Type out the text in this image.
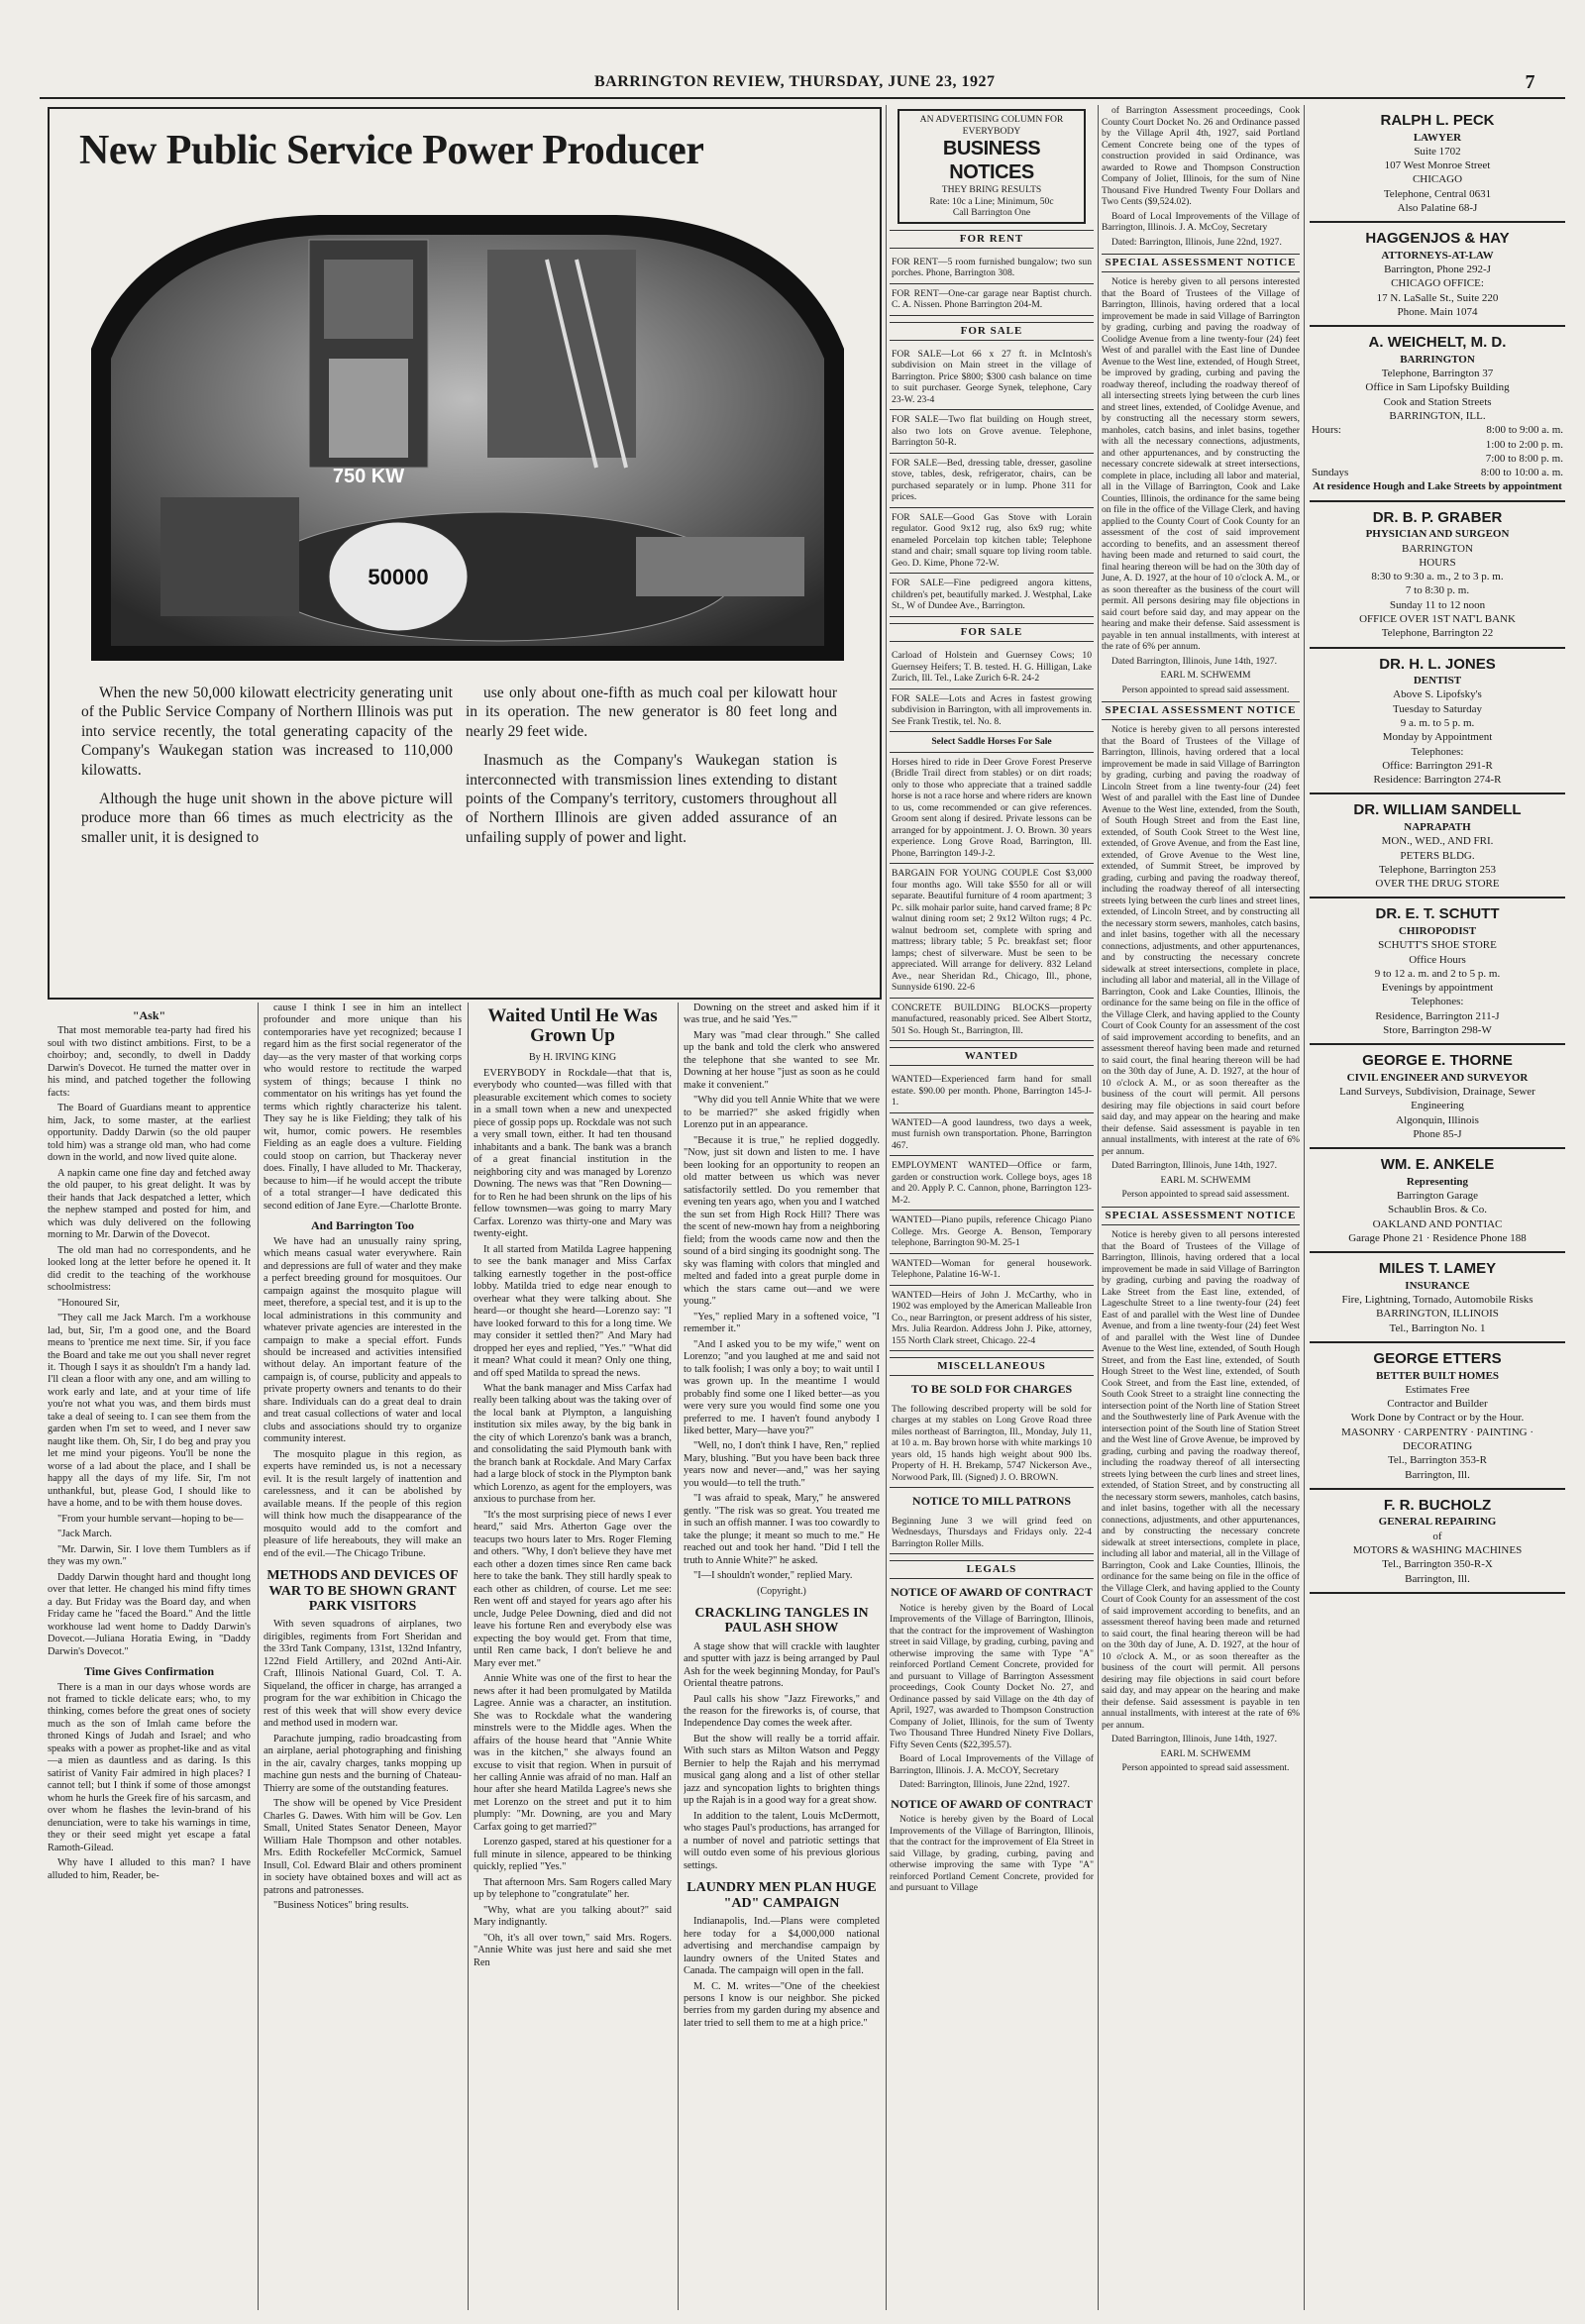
BARRINGTON REVIEW, THURSDAY, JUNE 23, 1927	7
New Public Service Power Producer
750 KW
50000

When the new 50,000 kilowatt electricity generating unit of the Public Service Company of Northern Illinois was put into service recently, the total generating capacity of the Company's Waukegan station was increased to 110,000 kilowatts.

Although the huge unit shown in the above picture will produce more than 66 times as much electricity as the smaller unit, it is designed to

use only about one-fifth as much coal per kilowatt hour in its operation. The new generator is 80 feet long and nearly 29 feet wide.

Inasmuch as the Company's Waukegan station is interconnected with transmission lines extending to distant points of the Company's territory, customers throughout all of Northern Illinois are given added assurance of an unfailing supply of power and light.

"Ask"

That most memorable tea-party had fired his soul with two distinct ambitions. First, to be a choirboy; and, secondly, to dwell in Daddy Darwin's Dovecot. He turned the matter over in his mind, and patched together the following facts:

The Board of Guardians meant to apprentice him, Jack, to some master, at the earliest opportunity. Daddy Darwin (so the old pauper told him) was a strange old man, who had come down in the world, and now lived quite alone.

A napkin came one fine day and fetched away the old pauper, to his great delight. It was by their hands that Jack despatched a letter, which the nephew stamped and posted for him, and which was duly delivered on the following morning to Mr. Darwin of the Dovecot.

The old man had no correspondents, and he looked long at the letter before he opened it. It did credit to the teaching of the workhouse schoolmistress:

"Honoured Sir,

"They call me Jack March. I'm a workhouse lad, but, Sir, I'm a good one, and the Board means to 'prentice me next time. Sir, if you face the Board and take me out you shall never regret it. Though I says it as shouldn't I'm a handy lad. I'll clean a floor with any one, and am willing to work early and late, and at your time of life you're not what you was, and them birds must take a deal of seeing to. I can see them from the garden when I'm set to weed, and I never saw naught like them. Oh, Sir, I do beg and pray you let me mind your pigeons. You'll be none the worse of a lad about the place, and I shall be happy all the days of my life. Sir, I'm not unthankful, but, please God, I should like to have a home, and to be with them house doves.

"From your humble servant—hoping to be—

"Jack March.

"Mr. Darwin, Sir. I love them Tumblers as if they was my own."

Daddy Darwin thought hard and thought long over that letter. He changed his mind fifty times a day. But Friday was the Board day, and when Friday came he "faced the Board." And the little workhouse lad went home to Daddy Darwin's Dovecot.—Juliana Horatia Ewing, in "Daddy Darwin's Dovecot."

Time Gives Confirmation

There is a man in our days whose words are not framed to tickle delicate ears; who, to my thinking, comes before the great ones of society much as the son of Imlah came before the throned Kings of Judah and Israel; and who speaks with a power as prophet-like and as vital—a mien as dauntless and as daring. Is this satirist of Vanity Fair admired in high places? I cannot tell; but I think if some of those amongst whom he hurls the Greek fire of his sarcasm, and over whom he flashes the levin-brand of his denunciation, were to take his warnings in time, they or their seed might yet escape a fatal Ramoth-Gilead.

Why have I alluded to this man? I have alluded to him, Reader, be-

cause I think I see in him an intellect profounder and more unique than his contemporaries have yet recognized; because I regard him as the first social regenerator of the day—as the very master of that working corps who would restore to rectitude the warped system of things; because I think no commentator on his writings has yet found the terms which rightly characterize his talent. They say he is like Fielding; they talk of his wit, humor, comic powers. He resembles Fielding as an eagle does a vulture. Fielding could stoop on carrion, but Thackeray never does. Finally, I have alluded to Mr. Thackeray, because to him—if he would accept the tribute of a total stranger—I have dedicated this second edition of Jane Eyre.—Charlotte Bronte.

And Barrington Too

We have had an unusually rainy spring, which means casual water everywhere. Rain and depressions are full of water and they make a perfect breeding ground for mosquitoes. Our campaign against the mosquito plague will meet, therefore, a special test, and it is up to the local administrations in this community and whatever private agencies are interested in the campaign to make a special effort. Funds should be increased and activities intensified without delay. An important feature of the campaign is, of course, publicity and appeals to private property owners and tenants to do their share. Individuals can do a great deal to drain and treat casual collections of water and local clubs and associations should try to organize community interest.

The mosquito plague in this region, as experts have reminded us, is not a necessary evil. It is the result largely of inattention and carelessness, and it can be abolished by available means. If the people of this region will think how much the disappearance of the mosquito would add to the comfort and pleasure of life hereabouts, they will make an end of the evil.—The Chicago Tribune.

METHODS AND DEVICES OF WAR TO BE SHOWN GRANT PARK VISITORS

With seven squadrons of airplanes, two dirigibles, regiments from Fort Sheridan and the 33rd Tank Company, 131st, 132nd Infantry, 122nd Field Artillery, and 202nd Anti-Air. Craft, Illinois National Guard, Col. T. A. Siqueland, the officer in charge, has arranged a program for the war exhibition in Chicago the rest of this week that will show every device and method used in modern war.

Parachute jumping, radio broadcasting from an airplane, aerial photographing and finishing in the air, cavalry charges, tanks mopping up machine gun nests and the burning of Chateau-Thierry are some of the outstanding features.

The show will be opened by Vice President Charles G. Dawes. With him will be Gov. Len Small, United States Senator Deneen, Mayor William Hale Thompson and other notables. Mrs. Edith Rockefeller McCormick, Samuel Insull, Col. Edward Blair and others prominent in society have obtained boxes and will act as patrons and patronesses.

"Business Notices" bring results.

Waited Until He Was Grown Up
By H. IRVING KING

EVERYBODY in Rockdale—that that is, everybody who counted—was filled with that pleasurable excitement which comes to society in a small town when a new and unexpected piece of gossip pops up. Rockdale was not such a very small town, either. It had ten thousand inhabitants and a bank. The bank was a branch of a great financial institution in the neighboring city and was managed by Lorenzo Downing. The news was that "Ren Downing—for to Ren he had been shrunk on the lips of his fellow townsmen—was going to marry Mary Carfax. Lorenzo was thirty-one and Mary was twenty-eight.

It all started from Matilda Lagree happening to see the bank manager and Miss Carfax talking earnestly together in the post-office lobby. Matilda tried to edge near enough to overhear what they were talking about. She heard—or thought she heard—Lorenzo say: "I have looked forward to this for a long time. We may consider it settled then?" And Mary had dropped her eyes and replied, "Yes." "What did it mean? What could it mean? Only one thing, and off sped Matilda to spread the news.

What the bank manager and Miss Carfax had really been talking about was the taking over of the local bank at Plympton, a languishing institution six miles away, by the big bank in the city of which Lorenzo's bank was a branch, and consolidating the said Plymouth bank with the branch bank at Rockdale. And Mary Carfax had a large block of stock in the Plympton bank which Lorenzo, as agent for the employers, was anxious to purchase from her.

"It's the most surprising piece of news I ever heard," said Mrs. Atherton Gage over the teacups two hours later to Mrs. Roger Fleming and others. "Why, I don't believe they have met each other a dozen times since Ren came back here to take the bank. They still hardly speak to each other as children, of course. Let me see: Ren went off and stayed for years ago after his uncle, Judge Pelee Downing, died and did not leave his fortune Ren and everybody else was expecting the boy would get. From that time, until Ren came back, I don't believe he and Mary ever met."

Annie White was one of the first to hear the news after it had been promulgated by Matilda Lagree. Annie was a character, an institution. She was to Rockdale what the wandering minstrels were to the Middle ages. When the affairs of the house heard that "Annie White was in the kitchen," she always found an excuse to visit that region. When in pursuit of her calling Annie was afraid of no man. Half an hour after she heard Matilda Lagree's news she met Lorenzo on the street and put it to him plumply: "Mr. Downing, are you and Mary Carfax going to get married?"

Lorenzo gasped, stared at his questioner for a full minute in silence, appeared to be thinking quickly, replied "Yes."

That afternoon Mrs. Sam Rogers called Mary up by telephone to "congratulate" her.

"Why, what are you talking about?" said Mary indignantly.

"Oh, it's all over town," said Mrs. Rogers. "Annie White was just here and said she met Ren

Downing on the street and asked him if it was true, and he said 'Yes.'"

Mary was "mad clear through." She called up the bank and told the clerk who answered the telephone that she wanted to see Mr. Downing at her house "just as soon as he could make it convenient."

"Why did you tell Annie White that we were to be married?" she asked frigidly when Lorenzo put in an appearance.

"Because it is true," he replied doggedly. "Now, just sit down and listen to me. I have been looking for an opportunity to reopen an old matter between us which was never satisfactorily settled. Do you remember that evening ten years ago, when you and I watched the sun set from High Rock Hill? There was the scent of new-mown hay from a neighboring field; from the woods came now and then the sound of a bird singing its goodnight song. The sky was flaming with colors that mingled and melted and faded into a great purple dome in which the stars came out—and we were young."

"Yes," replied Mary in a softened voice, "I remember it."

"And I asked you to be my wife," went on Lorenzo; "and you laughed at me and said not to talk foolish; I was only a boy; to wait until I was grown up. In the meantime I would probably find some one I liked better—as you were very sure you would find some one you preferred to me. I haven't found anybody I liked better, Mary—have you?"

"Well, no, I don't think I have, Ren," replied Mary, blushing. "But you have been back three years now and never—and," was her saying you would—to tell the truth."

"I was afraid to speak, Mary," he answered gently. "The risk was so great. You treated me in such an offish manner. I was too cowardly to take the plunge; it meant so much to me." He reached out and took her hand. "Did I tell the truth to Annie White?" he asked.

"I—I shouldn't wonder," replied Mary.

(Copyright.)
CRACKLING TANGLES IN PAUL ASH SHOW

A stage show that will crackle with laughter and sputter with jazz is being arranged by Paul Ash for the week beginning Monday, for Paul's Oriental theatre patrons.

Paul calls his show "Jazz Fireworks," and the reason for the fireworks is, of course, that Independence Day comes the week after.

But the show will really be a torrid affair. With such stars as Milton Watson and Peggy Bernier to help the Rajah and his merrymad musical gang along and a list of other stellar jazz and syncopation lights to brighten things up the Rajah is in a good way for a great show.

In addition to the talent, Louis McDermott, who stages Paul's productions, has arranged for a number of novel and patriotic settings that will outdo even some of his previous glorious settings.

LAUNDRY MEN PLAN HUGE "AD" CAMPAIGN

Indianapolis, Ind.—Plans were completed here today for a $4,000,000 national advertising and merchandise campaign by laundry owners of the United States and Canada. The campaign will open in the fall.

M. C. M. writes—"One of the cheekiest persons I know is our neighbor. She picked berries from my garden during my absence and later tried to sell them to me at a high price."

AN ADVERTISING COLUMN FOR EVERYBODY
BUSINESS NOTICES
THEY BRING RESULTS
Rate: 10c a Line; Minimum, 50c
Call Barrington One
FOR RENT
FOR RENT—5 room furnished bungalow; two sun porches. Phone, Barrington 308.
FOR RENT—One-car garage near Baptist church. C. A. Nissen. Phone Barrington 204-M.
FOR SALE
FOR SALE—Lot 66 x 27 ft. in McIntosh's subdivision on Main street in the village of Barrington. Price $800; $300 cash balance on time to suit purchaser. George Synek, telephone, Cary 23-W. 23-4
FOR SALE—Two flat building on Hough street, also two lots on Grove avenue. Telephone, Barrington 50-R.
FOR SALE—Bed, dressing table, dresser, gasoline stove, tables, desk, refrigerator, chairs, can be purchased separately or in lump. Phone 311 for prices.
FOR SALE—Good Gas Stove with Lorain regulator. Good 9x12 rug, also 6x9 rug; white enameled Porcelain top kitchen table; Telephone stand and chair; small square top living room table. Geo. D. Kime, Phone 72-W.
FOR SALE—Fine pedigreed angora kittens, children's pet, beautifully marked. J. Westphal, Lake St., W of Dundee Ave., Barrington.
FOR SALE
Carload of Holstein and Guernsey Cows; 10 Guernsey Heifers; T. B. tested. H. G. Hilligan, Lake Zurich, Ill. Tel., Lake Zurich 6-R. 24-2
FOR SALE—Lots and Acres in fastest growing subdivision in Barrington, with all improvements in. See Frank Trestik, tel. No. 8.
Select Saddle Horses For Sale
Horses hired to ride in Deer Grove Forest Preserve (Bridle Trail direct from stables) or on dirt roads; only to those who appreciate that a trained saddle horse is not a race horse and where riders are known to us, come recommended or can give references. Groom sent along if desired. Private lessons can be arranged for by appointment. J. O. Brown. 30 years experience. Long Grove Road, Barrington, Ill. Phone, Barrington 149-J-2.
BARGAIN FOR YOUNG COUPLE Cost $3,000 four months ago. Will take $550 for all or will separate. Beautiful furniture of 4 room apartment; 3 Pc. silk mohair parlor suite, hand carved frame; 8 Pc walnut dining room set; 2 9x12 Wilton rugs; 4 Pc. walnut bedroom set, complete with spring and mattress; library table; 5 Pc. breakfast set; floor lamps; chest of silverware. Must be seen to be appreciated. Will arrange for delivery. 832 Leland Ave., near Sheridan Rd., Chicago, Ill., phone, Sunnyside 6190. 22-6
CONCRETE BUILDING BLOCKS—property manufactured, reasonably priced. See Albert Stortz, 501 So. Hough St., Barrington, Ill.
WANTED
WANTED—Experienced farm hand for small estate. $90.00 per month. Phone, Barrington 145-J-1.
WANTED—A good laundress, two days a week, must furnish own transportation. Phone, Barrington 467.
EMPLOYMENT WANTED—Office or farm, garden or construction work. College boys, ages 18 and 20. Apply P. C. Cannon, phone, Barrington 123-M-2.
WANTED—Piano pupils, reference Chicago Piano College. Mrs. George A. Benson, Temporary telephone, Barrington 90-M. 25-1
WANTED—Woman for general housework. Telephone, Palatine 16-W-1.
WANTED—Heirs of John J. McCarthy, who in 1902 was employed by the American Malleable Iron Co., near Barrington, or present address of his sister, Mrs. Julia Reardon. Address John J. Pike, attorney, 155 North Clark street, Chicago. 22-4
MISCELLANEOUS
TO BE SOLD FOR CHARGES
The following described property will be sold for charges at my stables on Long Grove Road three miles northeast of Barrington, Ill., Monday, July 11, at 10 a. m. Bay brown horse with white markings 10 years old, 15 hands high weight about 900 lbs. Property of H. H. Brekamp, 5747 Nickerson Ave., Norwood Park, Ill. (Signed) J. O. BROWN.
NOTICE TO MILL PATRONS
Beginning June 3 we will grind feed on Wednesdays, Thursdays and Fridays only. 22-4 Barrington Roller Mills.
LEGALS
NOTICE OF AWARD OF CONTRACT

Notice is hereby given by the Board of Local Improvements of the Village of Barrington, Illinois, that the contract for the improvement of Washington street in said Village, by grading, curbing, paving and otherwise improving the same with Type "A" reinforced Portland Cement Concrete, provided for and pursuant to Village of Barrington Assessment proceedings, Cook County Docket No. 27, and Ordinance passed by said Village on the 4th day of April, 1927, was awarded to Thompson Construction Company of Joliet, Illinois, for the sum of Twenty Two Thousand Three Hundred Ninety Five Dollars, Fifty Seven Cents ($22,395.57).

Board of Local Improvements of the Village of Barrington, Illinois. J. A. McCOY, Secretary

Dated: Barrington, Illinois, June 22nd, 1927.

NOTICE OF AWARD OF CONTRACT

Notice is hereby given by the Board of Local Improvements of the Village of Barrington, Illinois, that the contract for the improvement of Ela Street in said Village, by grading, curbing, paving and otherwise improving the same with Type "A" reinforced Portland Cement Concrete, provided for and pursuant to Village

of Barrington Assessment proceedings, Cook County Court Docket No. 26 and Ordinance passed by the Village April 4th, 1927, said Portland Cement Concrete being one of the types of construction provided in said Ordinance, was awarded to Rowe and Thompson Construction Company of Joliet, Illinois, for the sum of Nine Thousand Five Hundred Twenty Four Dollars and Two Cents ($9,524.02).

Board of Local Improvements of the Village of Barrington, Illinois. J. A. McCoy, Secretary

Dated: Barrington, Illinois, June 22nd, 1927.

SPECIAL ASSESSMENT NOTICE

Notice is hereby given to all persons interested that the Board of Trustees of the Village of Barrington, Illinois, having ordered that a local improvement be made in said Village of Barrington by grading, curbing and paving the roadway of Coolidge Avenue from a line twenty-four (24) feet West of and parallel with the East line of Dundee Avenue to the West line, extended, of Hough Street, be improved by grading, curbing and paving the roadway thereof, including the roadway thereof of all intersecting streets lying between the curb lines and street lines, extended, of Coolidge Avenue, and by constructing all the necessary storm sewers, manholes, catch basins, and inlet basins, together with all the necessary connections, adjustments, and other appurtenances, and by constructing the necessary concrete sidewalk at street intersections, complete in place, including all labor and material, all in the Village of Barrington, Cook and Lake Counties, Illinois, the ordinance for the same being on file in the office of the Village Clerk, and having applied to the County Court of Cook County for an assessment of the cost of said improvement according to benefits, and an assessment thereof having been made and returned to said court, the final hearing thereon will be had on the 30th day of June, A. D. 1927, at the hour of 10 o'clock A. M., or as soon thereafter as the business of the court will permit. All persons desiring may file objections in said court before said day, and may appear on the hearing and make their defense. Said assessment is payable in ten annual installments, with interest at the rate of 6% per annum.

Dated Barrington, Illinois, June 14th, 1927.

EARL M. SCHWEMM

Person appointed to spread said assessment.

SPECIAL ASSESSMENT NOTICE

Notice is hereby given to all persons interested that the Board of Trustees of the Village of Barrington, Illinois, having ordered that a local improvement be made in said Village of Barrington by grading, curbing and paving the roadway of Lincoln Street from a line twenty-four (24) feet West of and parallel with the East line of Dundee Avenue to the West line, extended, from the South, of South Hough Street and from the East line, extended, of South Cook Street to the West line, extended, of Grove Avenue, and from the East line, extended, of Grove Avenue to the West line, extended, of Summit Street, be improved by grading, curbing and paving the roadway thereof, including the roadway thereof of all intersecting streets lying between the curb lines and street lines, extended, of Lincoln Street, and by constructing all the necessary storm sewers, manholes, catch basins, and inlet basins, together with all the necessary connections, adjustments, and other appurtenances, and by constructing the necessary concrete sidewalk at street intersections, complete in place, including all labor and material, all in the Village of Barrington, Cook and Lake Counties, Illinois, the ordinance for the same being on file in the office of the Village Clerk, and having applied to the County Court of Cook County for an assessment of the cost of said improvement according to benefits, and an assessment thereof having been made and returned to said court, the final hearing thereon will be had on the 30th day of June, A. D. 1927, at the hour of 10 o'clock A. M., or as soon thereafter as the business of the court will permit. All persons desiring may file objections in said court before said day, and may appear on the hearing and make their defense. Said assessment is payable in ten annual installments, with interest at the rate of 6% per annum.

Dated Barrington, Illinois, June 14th, 1927.

EARL M. SCHWEMM

Person appointed to spread said assessment.

SPECIAL ASSESSMENT NOTICE

Notice is hereby given to all persons interested that the Board of Trustees of the Village of Barrington, Illinois, having ordered that a local improvement be made in said Village of Barrington by grading, curbing and paving the roadway of Lake Street from the East line, extended, of Lageschulte Street to a line twenty-four (24) feet East of and parallel with the West line of Dundee Avenue, and from a line twenty-four (24) feet West of and parallel with the West line of Dundee Avenue to the West line, extended, of South Hough Street, and from the East line, extended, of South Hough Street to the West line, extended, of South Cook Street, and from the East line, extended, of South Cook Street to a straight line connecting the intersection point of the North line of Station Street and the Southwesterly line of Park Avenue with the intersection point of the South line of Station Street and the West line of Grove Avenue, be improved by grading, curbing and paving the roadway thereof, including the roadway thereof of all intersecting streets lying between the curb lines and street lines, extended, of Station Street, and by constructing all the necessary storm sewers, manholes, catch basins, and inlet basins, together with all the necessary connections, adjustments, and other appurtenances, and by constructing the necessary concrete sidewalk at street intersections, complete in place, including all labor and material, all in the Village of Barrington, Cook and Lake Counties, Illinois, the ordinance for the same being on file in the office of the Village Clerk, and having applied to the County Court of Cook County for an assessment of the cost of said improvement according to benefits, and an assessment thereof having been made and returned to said court, the final hearing thereon will be had on the 30th day of June, A. D. 1927, at the hour of 10 o'clock A. M., or as soon thereafter as the business of the court will permit. All persons desiring may file objections in said court before said day, and may appear on the hearing and make their defense. Said assessment is payable in ten annual installments, with interest at the rate of 6% per annum.

Dated Barrington, Illinois, June 14th, 1927.

EARL M. SCHWEMM

Person appointed to spread said assessment.

RALPH L. PECK
LAWYER
Suite 1702
107 West Monroe Street
CHICAGO
Telephone, Central 0631
Also Palatine 68-J
HAGGENJOS & HAY
ATTORNEYS-AT-LAW
Barrington, Phone 292-J
CHICAGO OFFICE:
17 N. LaSalle St., Suite 220
Phone. Main 1074
A. WEICHELT, M. D.
BARRINGTON
Telephone, Barrington 37
Office in Sam Lipofsky Building
Cook and Station Streets
BARRINGTON, ILL.
Hours:	8:00 to 9:00 a. m.
1:00 to 2:00 p. m.
7:00 to 8:00 p. m.
Sundays	8:00 to 10:00 a. m.
At residence Hough and Lake Streets by appointment
DR. B. P. GRABER
PHYSICIAN AND SURGEON
BARRINGTON
HOURS
8:30 to 9:30 a. m., 2 to 3 p. m.
7 to 8:30 p. m.
Sunday 11 to 12 noon
OFFICE OVER 1ST NAT'L BANK
Telephone, Barrington 22
DR. H. L. JONES
DENTIST
Above S. Lipofsky's
Tuesday to Saturday
9 a. m. to 5 p. m.
Monday by Appointment
Telephones:
Office: Barrington 291-R
Residence: Barrington 274-R
DR. WILLIAM SANDELL
NAPRAPATH
MON., WED., AND FRI.
PETERS BLDG.
Telephone, Barrington 253
OVER THE DRUG STORE
DR. E. T. SCHUTT
CHIROPODIST
SCHUTT'S SHOE STORE
Office Hours
9 to 12 a. m. and 2 to 5 p. m.
Evenings by appointment
Telephones:
Residence, Barrington 211-J
Store, Barrington 298-W
GEORGE E. THORNE
CIVIL ENGINEER AND SURVEYOR
Land Surveys, Subdivision, Drainage, Sewer Engineering
Algonquin, Illinois
Phone 85-J
WM. E. ANKELE
Representing
Barrington Garage
Schaublin Bros. & Co.
OAKLAND AND PONTIAC
Garage Phone 21 · Residence Phone 188
MILES T. LAMEY
INSURANCE
Fire, Lightning, Tornado, Automobile Risks
BARRINGTON, ILLINOIS
Tel., Barrington No. 1
GEORGE ETTERS
BETTER BUILT HOMES
Estimates Free
Contractor and Builder
Work Done by Contract or by the Hour.
MASONRY · CARPENTRY · PAINTING · DECORATING
Tel., Barrington 353-R
Barrington, Ill.
F. R. BUCHOLZ
GENERAL REPAIRING
of
MOTORS & WASHING MACHINES
Tel., Barrington 350-R-X
Barrington, Ill.
